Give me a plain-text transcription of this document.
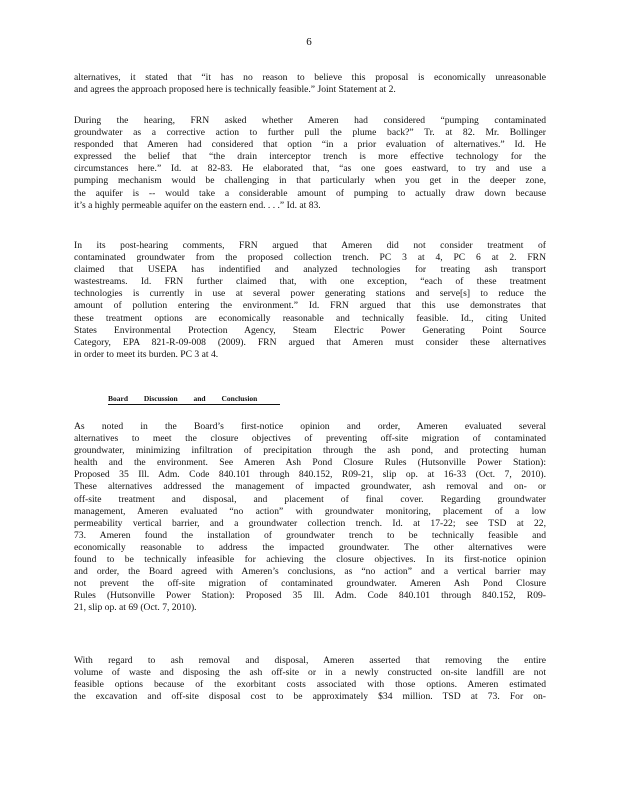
6
alternatives, it stated that “it has no reason to believe this proposal is economically unreasonable
and agrees the approach proposed here is technically feasible.” Joint Statement at 2.
During the hearing, FRN asked whether Ameren had considered “pumping contaminated
groundwater as a corrective action to further pull the plume back?” Tr. at 82. Mr. Bollinger
responded that Ameren had considered that option “in a prior evaluation of alternatives.” Id. He
expressed the belief that “the drain interceptor trench is more effective technology for the
circumstances here.” Id. at 82-83. He elaborated that, “as one goes eastward, to try and use a
pumping mechanism would be challenging in that particularly when you get in the deeper zone,
the aquifer is -- would take a considerable amount of pumping to actually draw down because
it’s a highly permeable aquifer on the eastern end. . . .” Id. at 83.
In its post-hearing comments, FRN argued that Ameren did not consider treatment of
contaminated groundwater from the proposed collection trench. PC 3 at 4, PC 6 at 2. FRN
claimed that USEPA has indentified and analyzed technologies for treating ash transport
wastestreams. Id. FRN further claimed that, with one exception, “each of these treatment
technologies is currently in use at several power generating stations and serve[s] to reduce the
amount of pollution entering the environment.” Id. FRN argued that this use demonstrates that
these treatment options are economically reasonable and technically feasible. Id., citing United
States Environmental Protection Agency, Steam Electric Power Generating Point Source
Category, EPA 821-R-09-008 (2009). FRN argued that Ameren must consider these alternatives
in order to meet its burden. PC 3 at 4.
Board Discussion and Conclusion
As noted in the Board’s first-notice opinion and order, Ameren evaluated several
alternatives to meet the closure objectives of preventing off-site migration of contaminated
groundwater, minimizing infiltration of precipitation through the ash pond, and protecting human
health and the environment. See Ameren Ash Pond Closure Rules (Hutsonville Power Station):
Proposed 35 Ill. Adm. Code 840.101 through 840.152, R09-21, slip op. at 16-33 (Oct. 7, 2010).
These alternatives addressed the management of impacted groundwater, ash removal and on- or
off-site treatment and disposal, and placement of final cover. Regarding groundwater
management, Ameren evaluated “no action” with groundwater monitoring, placement of a low
permeability vertical barrier, and a groundwater collection trench. Id. at 17-22; see TSD at 22,
73. Ameren found the installation of groundwater trench to be technically feasible and
economically reasonable to address the impacted groundwater. The other alternatives were
found to be technically infeasible for achieving the closure objectives. In its first-notice opinion
and order, the Board agreed with Ameren’s conclusions, as “no action” and a vertical barrier may
not prevent the off-site migration of contaminated groundwater. Ameren Ash Pond Closure
Rules (Hutsonville Power Station): Proposed 35 Ill. Adm. Code 840.101 through 840.152, R09-
21, slip op. at 69 (Oct. 7, 2010).
With regard to ash removal and disposal, Ameren asserted that removing the entire
volume of waste and disposing the ash off-site or in a newly constructed on-site landfill are not
feasible options because of the exorbitant costs associated with those options. Ameren estimated
the excavation and off-site disposal cost to be approximately $34 million. TSD at 73. For on-
